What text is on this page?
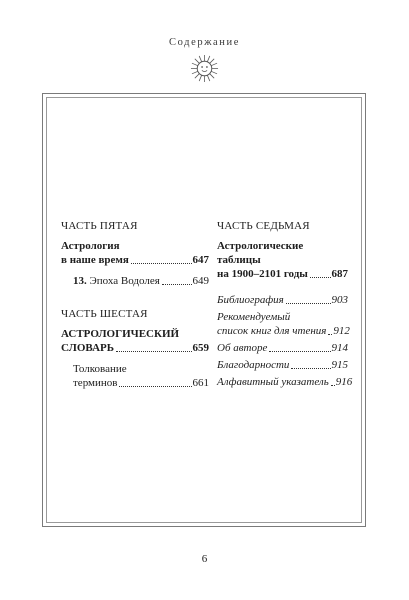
Содержание
ЧАСТЬ ПЯТАЯ
Астрология
в наше время	647
13. Эпоха Водолея	649
ЧАСТЬ ШЕСТАЯ
АСТРОЛОГИЧЕСКИЙ
СЛОВАРЬ	659
Толкование
терминов	661
ЧАСТЬ СЕДЬМАЯ
Астрологические таблицы
на 1900–2101 годы 687
Библиография	903
Рекомендуемый
список книг для чтения 912
Об авторе	914
Благодарности	915
Алфавитный указатель 916
6
